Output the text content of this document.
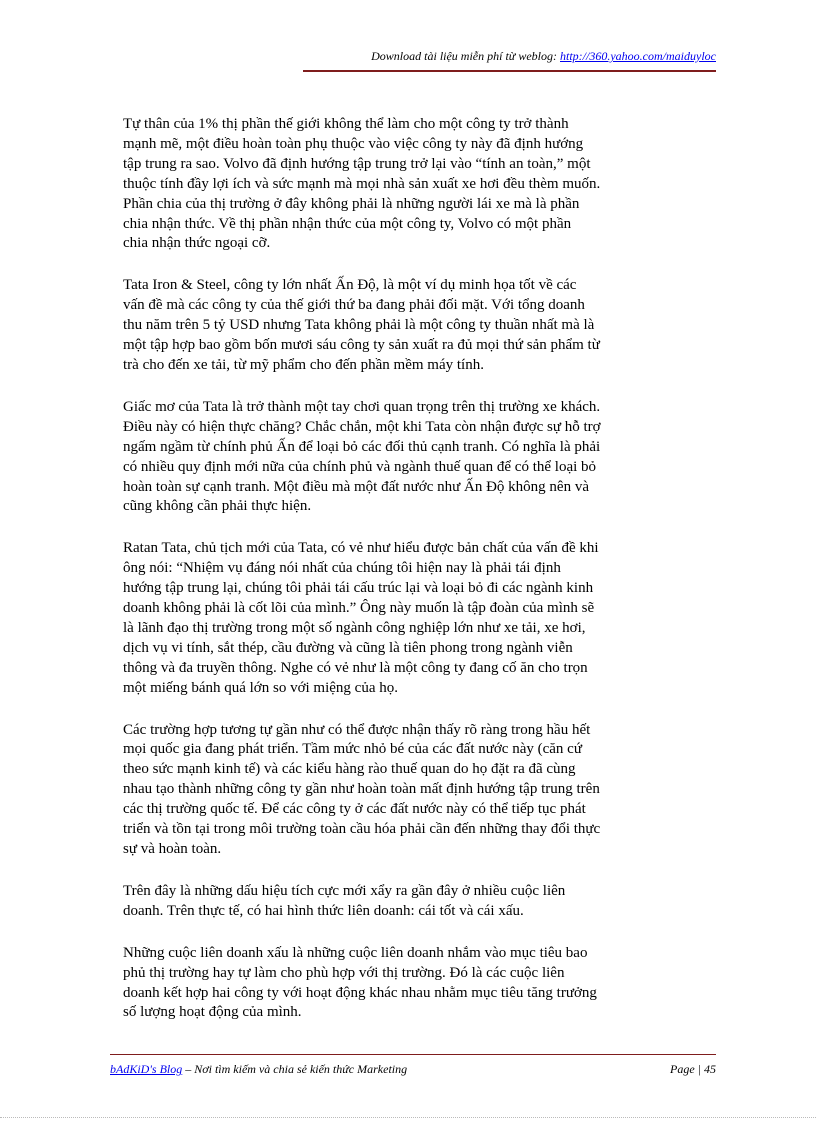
Download tài liệu miễn phí từ weblog: http://360.yahoo.com/maiduyloc

Tự thân của 1% thị phần thế giới không thể làm cho một công ty trở thành
mạnh mẽ, một điều hoàn toàn phụ thuộc vào việc công ty này đã định hướng
tập trung ra sao. Volvo đã định hướng tập trung trở lại vào “tính an toàn,” một
thuộc tính đầy lợi ích và sức mạnh mà mọi nhà sản xuất xe hơi đều thèm muốn.
Phần chia của thị trường ở đây không phải là những người lái xe mà là phần
chia nhận thức. Về thị phần nhận thức của một công ty, Volvo có một phần
chia nhận thức ngoại cỡ.

Tata Iron & Steel, công ty lớn nhất Ấn Độ, là một ví dụ minh họa tốt về các
vấn đề mà các công ty của thế giới thứ ba đang phải đối mặt. Với tổng doanh
thu năm trên 5 tỷ USD nhưng Tata không phải là một công ty thuần nhất mà là
một tập hợp bao gồm bốn mươi sáu công ty sản xuất ra đủ mọi thứ sản phẩm từ
trà cho đến xe tải, từ mỹ phẩm cho đến phần mềm máy tính.

Giấc mơ của Tata là trở thành một tay chơi quan trọng trên thị trường xe khách.
Điều này có hiện thực chăng? Chắc chắn, một khi Tata còn nhận được sự hỗ trợ
ngấm ngầm từ chính phủ Ấn để loại bỏ các đối thủ cạnh tranh. Có nghĩa là phải
có nhiều quy định mới nữa của chính phủ và ngành thuế quan để có thể loại bỏ
hoàn toàn sự cạnh tranh. Một điều mà một đất nước như Ấn Độ không nên và
cũng không cần phải thực hiện.

Ratan Tata, chủ tịch mới của Tata, có vẻ như hiểu được bản chất của vấn đề khi
ông nói: “Nhiệm vụ đáng nói nhất của chúng tôi hiện nay là phải tái định
hướng tập trung lại, chúng tôi phải tái cấu trúc lại và loại bỏ đi các ngành kinh
doanh không phải là cốt lõi của mình.” Ông này muốn là tập đoàn của mình sẽ
là lãnh đạo thị trường trong một số ngành công nghiệp lớn như xe tải, xe hơi,
dịch vụ vi tính, sắt thép, cầu đường và cũng là tiên phong trong ngành viễn
thông và đa truyền thông. Nghe có vẻ như là một công ty đang cố ăn cho trọn
một miếng bánh quá lớn so với miệng của họ.

Các trường hợp tương tự gần như có thể được nhận thấy rõ ràng trong hầu hết
mọi quốc gia đang phát triển. Tầm mức nhỏ bé của các đất nước này (căn cứ
theo sức mạnh kinh tế) và các kiểu hàng rào thuế quan do họ đặt ra đã cùng
nhau tạo thành những công ty gần như hoàn toàn mất định hướng tập trung trên
các thị trường quốc tế. Để các công ty ở các đất nước này có thể tiếp tục phát
triển và tồn tại trong môi trường toàn cầu hóa phải cần đến những thay đổi thực
sự và hoàn toàn.

Trên đây là những dấu hiệu tích cực mới xẩy ra gần đây ở nhiều cuộc liên
doanh. Trên thực tế, có hai hình thức liên doanh: cái tốt và cái xấu.

Những cuộc liên doanh xấu là những cuộc liên doanh nhắm vào mục tiêu bao
phủ thị trường hay tự làm cho phù hợp với thị trường. Đó là các cuộc liên
doanh kết hợp hai công ty với hoạt động khác nhau nhằm mục tiêu tăng trưởng
số lượng hoạt động của mình.

bAdKiD's Blog – Nơi tìm kiếm và chia sẻ kiến thức Marketing	Page | 45
